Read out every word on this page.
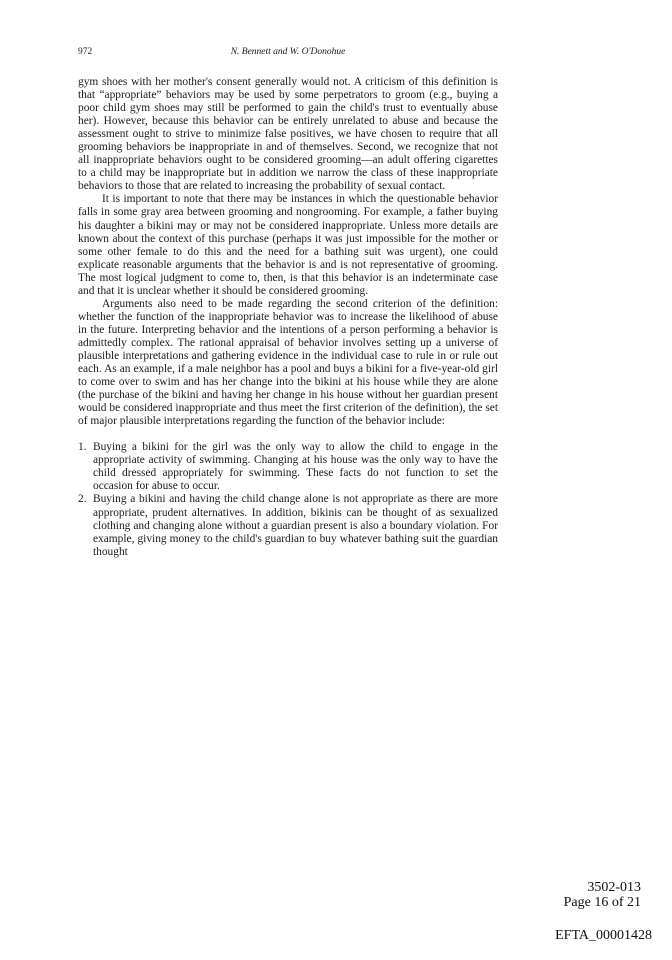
972	N. Bennett and W. O'Donohue

gym shoes with her mother's consent generally would not. A criticism of this definition is that “appropriate” behaviors may be used by some perpetrators to groom (e.g., buying a poor child gym shoes may still be performed to gain the child's trust to eventually abuse her). However, because this behavior can be entirely unrelated to abuse and because the assessment ought to strive to minimize false positives, we have chosen to require that all grooming behaviors be inappropriate in and of themselves. Second, we recognize that not all inappropriate behaviors ought to be considered grooming—an adult offering cigarettes to a child may be inappropriate but in addition we narrow the class of these inappropriate behaviors to those that are related to increasing the probability of sexual contact.

It is important to note that there may be instances in which the questionable behavior falls in some gray area between grooming and nongrooming. For example, a father buying his daughter a bikini may or may not be considered inappropriate. Unless more details are known about the context of this purchase (perhaps it was just impossible for the mother or some other female to do this and the need for a bathing suit was urgent), one could explicate reasonable arguments that the behavior is and is not representative of grooming. The most logical judgment to come to, then, is that this behavior is an indeterminate case and that it is unclear whether it should be considered grooming.

Arguments also need to be made regarding the second criterion of the definition: whether the function of the inappropriate behavior was to increase the likelihood of abuse in the future. Interpreting behavior and the intentions of a person performing a behavior is admittedly complex. The rational appraisal of behavior involves setting up a universe of plausible interpretations and gathering evidence in the individual case to rule in or rule out each. As an example, if a male neighbor has a pool and buys a bikini for a five-year-old girl to come over to swim and has her change into the bikini at his house while they are alone (the purchase of the bikini and having her change in his house without her guardian present would be considered inappropriate and thus meet the first criterion of the definition), the set of major plausible interpretations regarding the function of the behavior include:

1. Buying a bikini for the girl was the only way to allow the child to engage in the appropriate activity of swimming. Changing at his house was the only way to have the child dressed appropriately for swimming. These facts do not function to set the occasion for abuse to occur.
2. Buying a bikini and having the child change alone is not appropriate as there are more appropriate, prudent alternatives. In addition, bikinis can be thought of as sexualized clothing and changing alone without a guardian present is also a boundary violation. For example, giving money to the child's guardian to buy whatever bathing suit the guardian thought
3502-013
Page 16 of 21
EFTA_00001428
